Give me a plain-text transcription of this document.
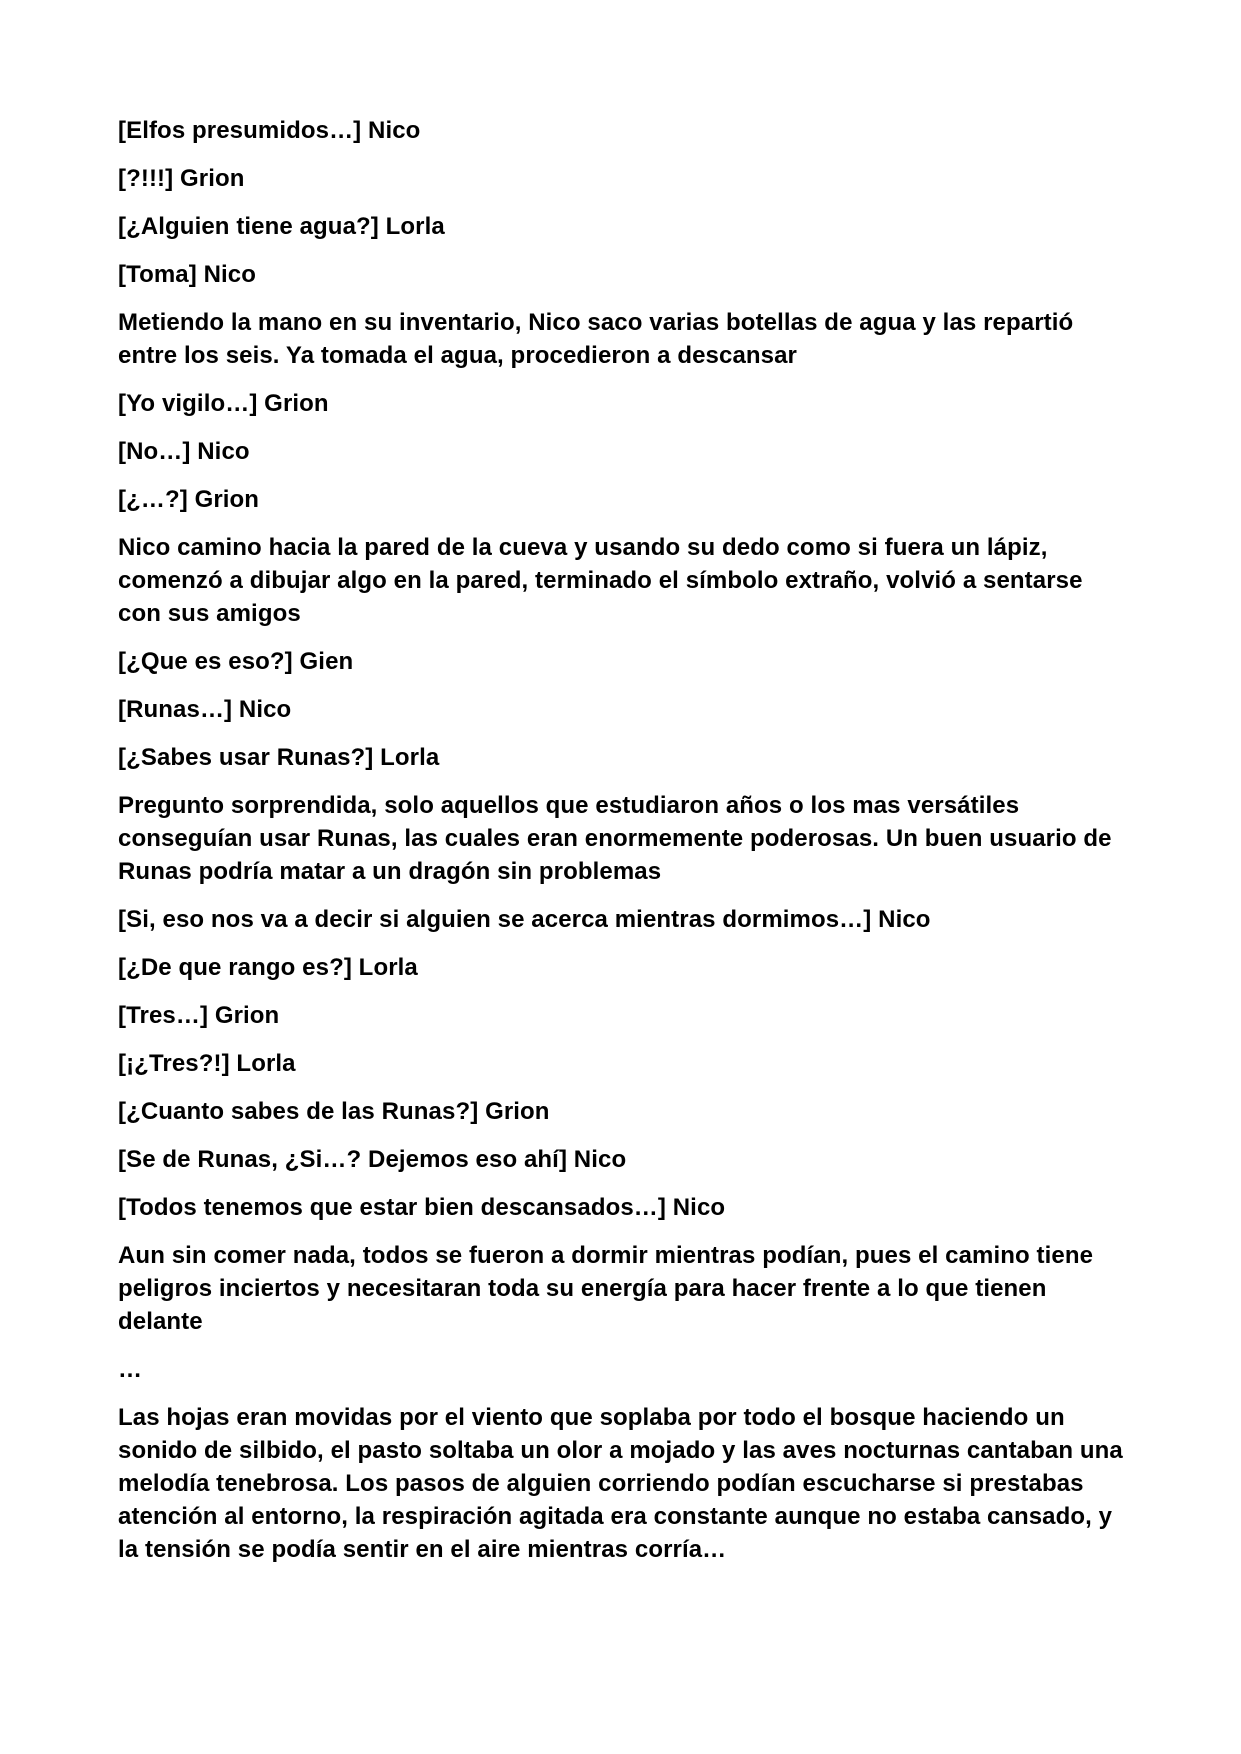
[Elfos presumidos…] Nico

[?!!!] Grion

[¿Alguien tiene agua?] Lorla

[Toma] Nico

Metiendo la mano en su inventario, Nico saco varias botellas de agua y las repartió entre los seis. Ya tomada el agua, procedieron a descansar

[Yo vigilo…] Grion

[No…] Nico

[¿…?] Grion

Nico camino hacia la pared de la cueva y usando su dedo como si fuera un lápiz, comenzó a dibujar algo en la pared, terminado el símbolo extraño, volvió a sentarse con sus amigos

[¿Que es eso?] Gien

[Runas…] Nico

[¿Sabes usar Runas?] Lorla

Pregunto sorprendida, solo aquellos que estudiaron años o los mas versátiles conseguían usar Runas, las cuales eran enormemente poderosas. Un buen usuario de Runas podría matar a un dragón sin problemas

[Si, eso nos va a decir si alguien se acerca mientras dormimos…] Nico

[¿De que rango es?] Lorla

[Tres…] Grion

[¡¿Tres?!] Lorla

[¿Cuanto sabes de las Runas?] Grion

[Se de Runas, ¿Si…? Dejemos eso ahí] Nico

[Todos tenemos que estar bien descansados…] Nico

Aun sin comer nada, todos se fueron a dormir mientras podían, pues el camino tiene peligros inciertos y necesitaran toda su energía para hacer frente a lo que tienen delante

…

Las hojas eran movidas por el viento que soplaba por todo el bosque haciendo un sonido de silbido, el pasto soltaba un olor a mojado y las aves nocturnas cantaban una melodía tenebrosa. Los pasos de alguien corriendo podían escucharse si prestabas atención al entorno, la respiración agitada era constante aunque no estaba cansado, y la tensión se podía sentir en el aire mientras corría…
